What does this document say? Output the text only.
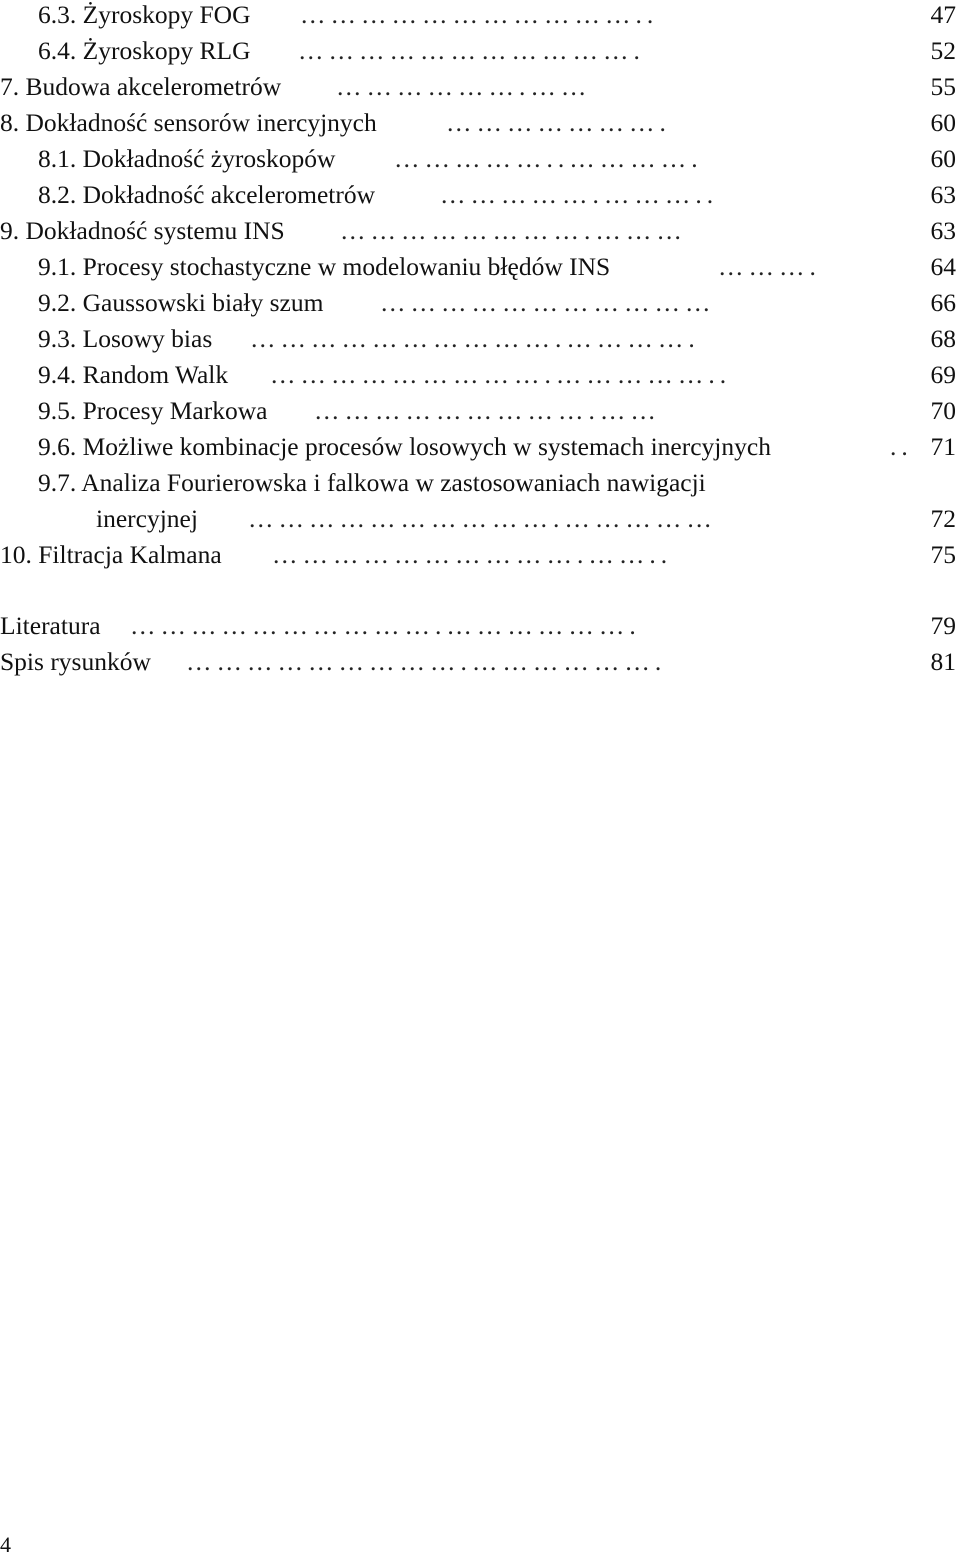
6.3. Żyroskopy FOG ……………………………..	47
6.4. Żyroskopy RLG …………………………….	52
7. Budowa akcelerometrów ……………….……	55
8. Dokładność sensorów inercyjnych	………………….	60
8.1. Dokładność żyroskopów ……………..………….	60
8.2. Dokładność akcelerometrów	…………….………..	63
9. Dokładność systemu INS …………………….………	63
9.1. Procesy stochastyczne w modelowaniu błędów INS	……….	64
9.2. Gaussowski biały szum ……………………………	66
9.3. Losowy bias ………………………….………….	68
9.4. Random Walk ……………………….……………..	69
9.5. Procesy Markowa ……………………….……	70
9.6. Możliwe kombinacje procesów losowych w systemach inercyjnych	.. 71
9.7. Analiza Fourierowska i falkowa w zastosowaniach nawigacji
inercyjnej ………………………….……………	72
10. Filtracja Kalmana ………………………….……..	75
Literatura ………………………….……………….	79
Spis rysunków ……………………….……………….	81
4
